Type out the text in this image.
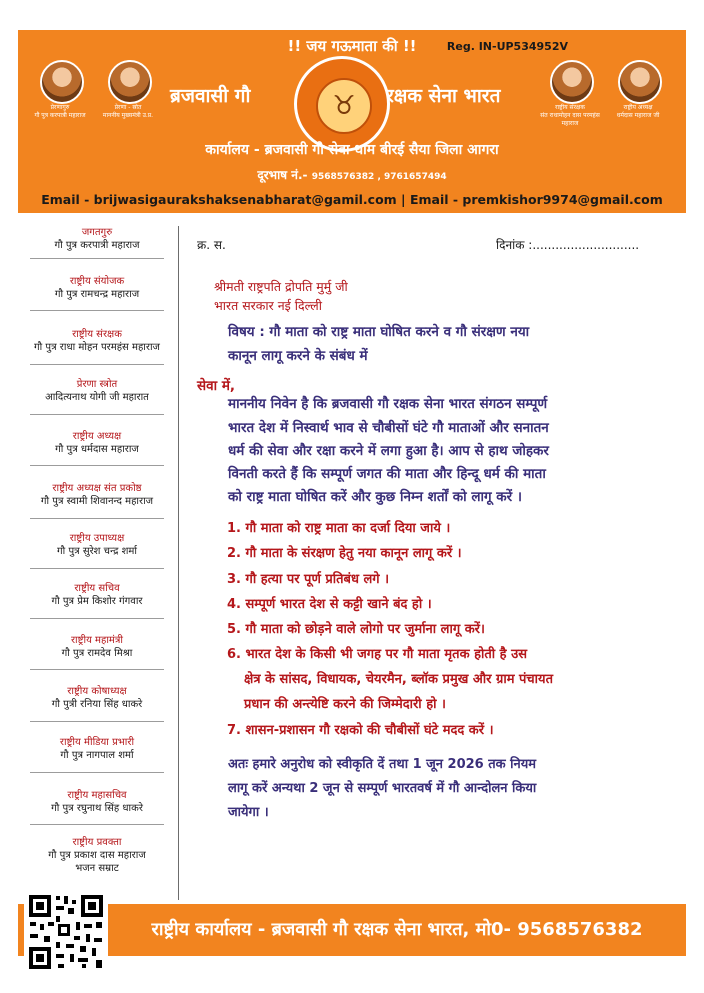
!! जय गऊमाता की !!	Reg. IN-UP534952V
प्रेरणागुरु
गौ पुत्र करपात्री महाराज
प्रेरणा - स्रोत
माननीय मुख्यमंत्री उ.प्र.
ब्रजवासी गौ	♉	रक्षक सेना भारत
राष्ट्रीय संरक्षक
संत राधामोहन दास परमहंस महाराज
राष्ट्रीय अध्यक्ष
धर्मदास महाराज जी
कार्यालय - ब्रजवासी गौ सेवा धाम बीरई सैया जिला आगरा
दूरभाष नं.- 9568576382 , 9761657494
Email - brijwasigaurakshaksenabharat@gamil.com | Email - premkishor9974@gmail.com
जगतगुरु
गौ पुत्र करपात्री महाराज
राष्ट्रीय संयोजक
गौ पुत्र रामचन्द्र महाराज
राष्ट्रीय संरक्षक
गौ पुत्र राधा मोहन परमहंस महाराज
प्रेरणा स्त्रोत
आदित्यनाथ योगी जी महारात
राष्ट्रीय अध्यक्ष
गौ पुत्र धर्मदास महाराज
राष्ट्रीय अध्यक्ष संत प्रकोष्ठ
गौ पुत्र स्वामी शिवानन्द महाराज
राष्ट्रीय उपाध्यक्ष
गौ पुत्र सुरेश चन्द्र शर्मा
राष्ट्रीय सचिव
गौ पुत्र प्रेम किशोर गंगवार
राष्ट्रीय महामंत्री
गौ पुत्र रामदेव मिश्रा
राष्ट्रीय कोषाध्यक्ष
गौ पुत्री रनिया सिंह धाकरे
राष्ट्रीय मीडिया प्रभारी
गौ पुत्र नागपाल शर्मा
राष्ट्रीय महासचिव
गौ पुत्र रघुनाथ सिंह धाकरे
राष्ट्रीय प्रवक्ता
गौ पुत्र प्रकाश दास महाराज
भजन सम्राट
क्र. स.	दिनांक :............................
श्रीमती राष्ट्रपति द्रोपति मुर्मु जी
भारत सरकार नई दिल्ली
विषय : गौ माता को राष्ट्र माता घोषित करने व गौ संरक्षण नया
कानून लागू करने के संबंध में
सेवा में,
माननीय निवेन है कि ब्रजवासी गौ रक्षक सेना भारत संगठन सम्पूर्ण
भारत देश में निस्वार्थ भाव से चौबीसों घंटे गौ माताओं और सनातन
धर्म की सेवा और रक्षा करने में लगा हुआ है। आप से हाथ जोहकर
विनती करते हैं कि सम्पूर्ण जगत की माता और हिन्दू धर्म की माता
को राष्ट्र माता घोषित करें और कुछ निम्न शर्तों को लागू करें ।
1. गौ माता को राष्ट्र माता का दर्जा दिया जाये ।
2. गौ माता के संरक्षण हेतु नया कानून लागू करें ।
3. गौ हत्या पर पूर्ण प्रतिबंध लगे ।
4. सम्पूर्ण भारत देश से कट्टी खाने बंद हो ।
5. गौ माता को छोड़ने वाले लोगो पर जुर्माना लागू करें।
6. भारत देश के किसी भी जगह पर गौ माता मृतक होती है उस
क्षेत्र के सांसद, विधायक, चेयरमैन, ब्लॉक प्रमुख और ग्राम पंचायत
प्रधान की अन्त्येष्टि करने की जिम्मेदारी हो ।
7. शासन-प्रशासन गौ रक्षको की चौबीसों घंटे मदद करें ।
अतः हमारे अनुरोध को स्वीकृति दें तथा 1 जून 2026 तक नियम
लागू करें अन्यथा 2 जून से सम्पूर्ण भारतवर्ष में गौ आन्दोलन किया
जायेगा ।
राष्ट्रीय कार्यालय - ब्रजवासी गौ रक्षक सेना भारत, मो0- 9568576382
